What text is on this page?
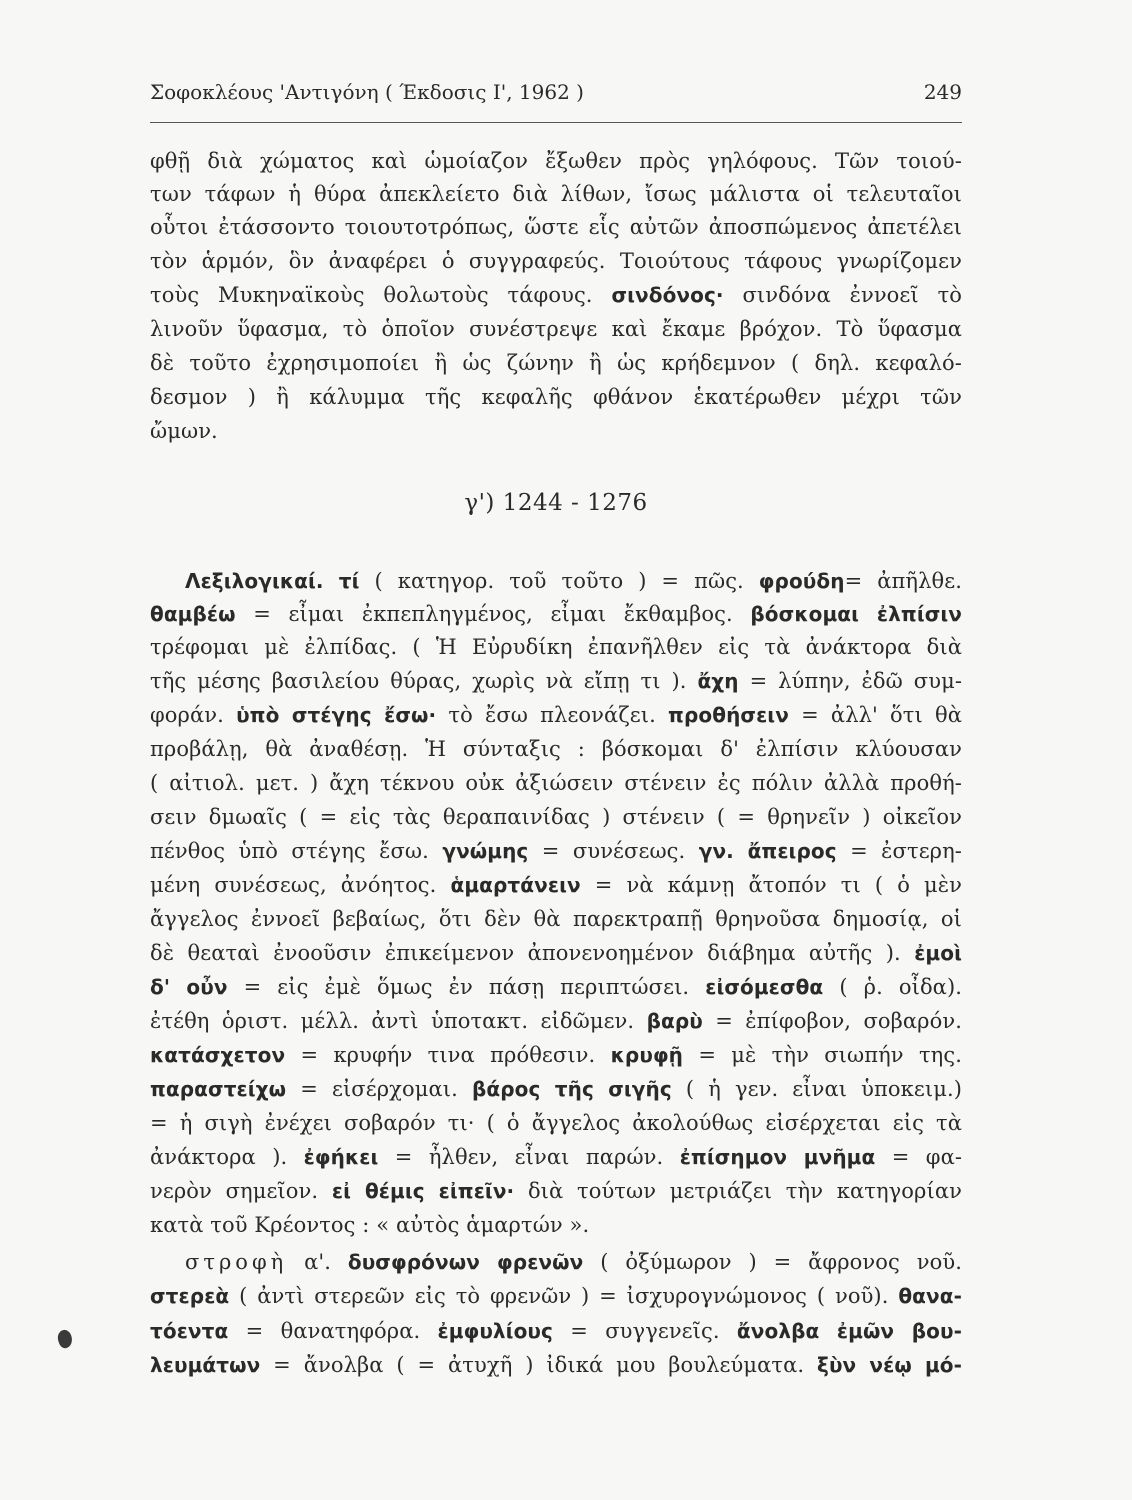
Σοφοκλέους 'Αντιγόνη ( Έκδοσις Ι', 1962 )	249
φθῇ διὰ χώματος καὶ ὡμοίαζον ἔξωθεν πρὸς γηλόφους. Τῶν τοιού-
των τάφων ἡ θύρα ἀπεκλείετο διὰ λίθων, ἴσως μάλιστα οἱ τελευταῖοι
οὗτοι ἐτάσσοντο τοιουτοτρόπως, ὥστε εἷς αὐτῶν ἀποσπώμενος ἀπετέλει
τὸν ἁρμόν, ὃν ἀναφέρει ὁ συγγραφεύς. Τοιούτους τάφους γνωρίζομεν
τοὺς Μυκηναϊκοὺς θολωτοὺς τάφους. σινδόνος· σινδόνα ἐννοεῖ τὸ
λινοῦν ὕφασμα, τὸ ὁποῖον συνέστρεψε καὶ ἔκαμε βρόχον. Τὸ ὕφασμα
δὲ τοῦτο ἐχρησιμοποίει ἢ ὡς ζώνην ἢ ὡς κρήδεμνον ( δηλ. κεφαλό-
δεσμον ) ἢ κάλυμμα τῆς κεφαλῆς φθάνον ἑκατέρωθεν μέχρι τῶν
ὤμων.
γ') 1244 - 1276
Λεξιλογικαί. τί ( κατηγορ. τοῦ τοῦτο ) = πῶς. φρούδη= ἀπῆλθε.
θαμβέω = εἶμαι ἐκπεπληγμένος, εἶμαι ἔκθαμβος. βόσκομαι ἐλπίσιν
τρέφομαι μὲ ἐλπίδας. ( Ἡ Εὐρυδίκη ἐπανῆλθεν εἰς τὰ ἀνάκτορα διὰ
τῆς μέσης βασιλείου θύρας, χωρὶς νὰ εἴπῃ τι ). ἄχη = λύπην, ἐδῶ συμ-
φοράν. ὑπὸ στέγης ἔσω· τὸ ἔσω πλεονάζει. προθήσειν = ἀλλ' ὅτι θὰ
προβάλῃ, θὰ ἀναθέσῃ. Ἡ σύνταξις : βόσκομαι δ' ἐλπίσιν κλύουσαν
( αἰτιολ. μετ. ) ἄχη τέκνου οὐκ ἀξιώσειν στένειν ἐς πόλιν ἀλλὰ προθή-
σειν δμωαῖς ( = εἰς τὰς θεραπαινίδας ) στένειν ( = θρηνεῖν ) οἰκεῖον
πένθος ὑπὸ στέγης ἔσω. γνώμης = συνέσεως. γν. ἄπειρος = ἐστερη-
μένη συνέσεως, ἀνόητος. ἁμαρτάνειν = νὰ κάμνῃ ἄτοπόν τι ( ὁ μὲν
ἄγγελος ἐννοεῖ βεβαίως, ὅτι δὲν θὰ παρεκτραπῇ θρηνοῦσα δημοσίᾳ, οἱ
δὲ θεαταὶ ἐνοοῦσιν ἐπικείμενον ἀπονενοημένον διάβημα αὐτῆς ). ἐμοὶ
δ' οὖν = εἰς ἐμὲ ὅμως ἐν πάσῃ περιπτώσει. εἰσόμεσθα ( ῥ. οἶδα).
ἐτέθη ὁριστ. μέλλ. ἀντὶ ὑποτακτ. εἰδῶμεν. βαρὺ = ἐπίφοβον, σοβαρόν.
κατάσχετον = κρυφήν τινα πρόθεσιν. κρυφῇ = μὲ τὴν σιωπήν της.
παραστείχω = εἰσέρχομαι. βάρος τῆς σιγῆς ( ἡ γεν. εἶναι ὑποκειμ.)
= ἡ σιγὴ ἐνέχει σοβαρόν τι· ( ὁ ἄγγελος ἀκολούθως εἰσέρχεται εἰς τὰ
ἀνάκτορα ). ἐφήκει = ἦλθεν, εἶναι παρών. ἐπίσημον μνῆμα = φα-
νερὸν σημεῖον. εἰ θέμις εἰπεῖν· διὰ τούτων μετριάζει τὴν κατηγορίαν
κατὰ τοῦ Κρέοντος : « αὐτὸς ἁμαρτών ».
στροφὴ α'. δυσφρόνων φρενῶν ( ὀξύμωρον ) = ἄφρονος νοῦ.
στερεὰ ( ἀντὶ στερεῶν εἰς τὸ φρενῶν ) = ἰσχυρογνώμονος ( νοῦ). θανα-
τόεντα = θανατηφόρα. ἐμφυλίους = συγγενεῖς. ἄνολβα ἐμῶν βου-
λευμάτων = ἄνολβα ( = ἀτυχῆ ) ἰδικά μου βουλεύματα. ξὺν νέῳ μό-
